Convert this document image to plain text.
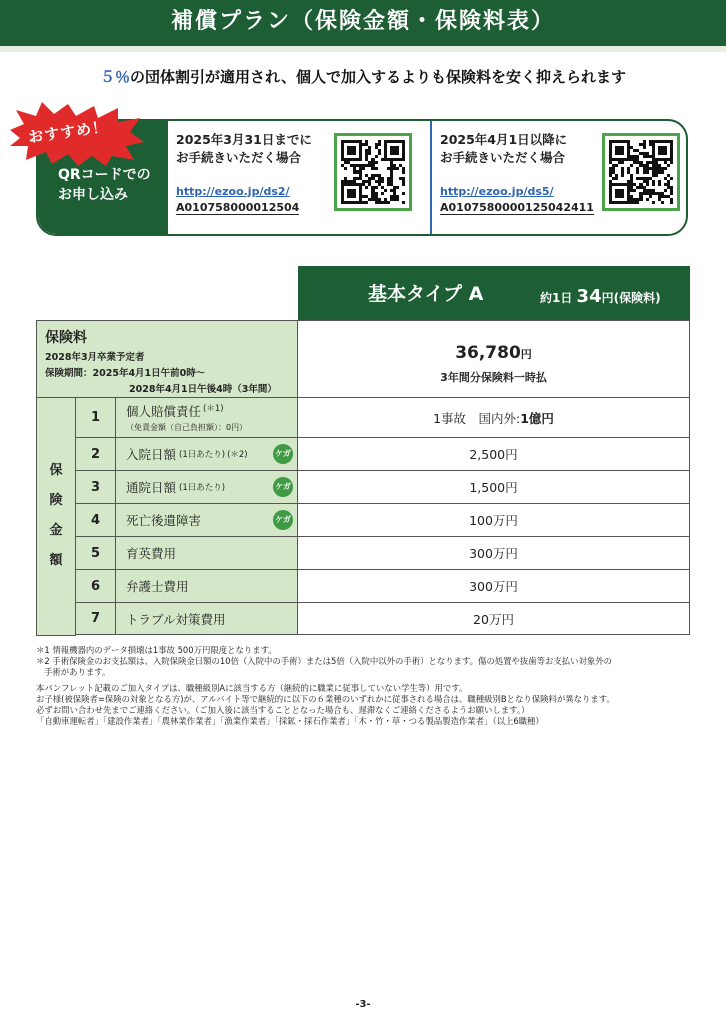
補償プラン（保険金額・保険料表）
５％の団体割引が適用され、個人で加入するよりも保険料を安く抑えられます
QRコードでの
お申し込み
2025年3月31日までに
お手続きいただく場合
http://ezoo.jp/ds2/
A010758000012504
2025年4月1日以降に
お手続きいただく場合
http://ezoo.jp/ds5/
A0107580000125042411
おすすめ！
基本タイプ A	約1日 34円(保険料)
保険料
2028年3月卒業予定者
保険期間：2025年4月1日午前0時〜
2028年4月1日午後4時（3年間）
36,780円
3年間分保険料一時払
保
険
金
額
1	個人賠償責任 $^{(*1)}$
（免責金額（自己負担額）：0円）
1事故　国内外: 1億円
2	入院日額 (1日あたり) (＊2)	ケガ	2,500円
3	通院日額 (1日あたり)	ケガ	1,500円
4	死亡後遺障害	ケガ	100万円
5	育英費用	300万円
6	弁護士費用	300万円
7	トラブル対策費用	20万円

＊1 情報機器内のデータ損壊は1事故 500万円限度となります。

＊2 手術保険金のお支払額は、入院保険金日額の10倍（入院中の手術）または5倍（入院中以外の手術）となります。傷の処置や抜歯等お支払い対象外の

手術があります。

本パンフレット記載のご加入タイプは、職種級別Aに該当する方（継続的に職業に従事していない学生等）用です。

お子様(被保険者=保険の対象となる方)が、アルバイト等で継続的に以下の６業種のいずれかに従事される場合は、職種級別Bとなり保険料が異なります。

必ずお問い合わせ先までご連絡ください。（ご加入後に該当することとなった場合も、遅滞なくご連絡くださるようお願いします。）

「自動車運転者」「建設作業者」「農林業作業者」「漁業作業者」「採鉱・採石作業者」「木・竹・草・つる製品製造作業者」（以上6職種）

-3-
